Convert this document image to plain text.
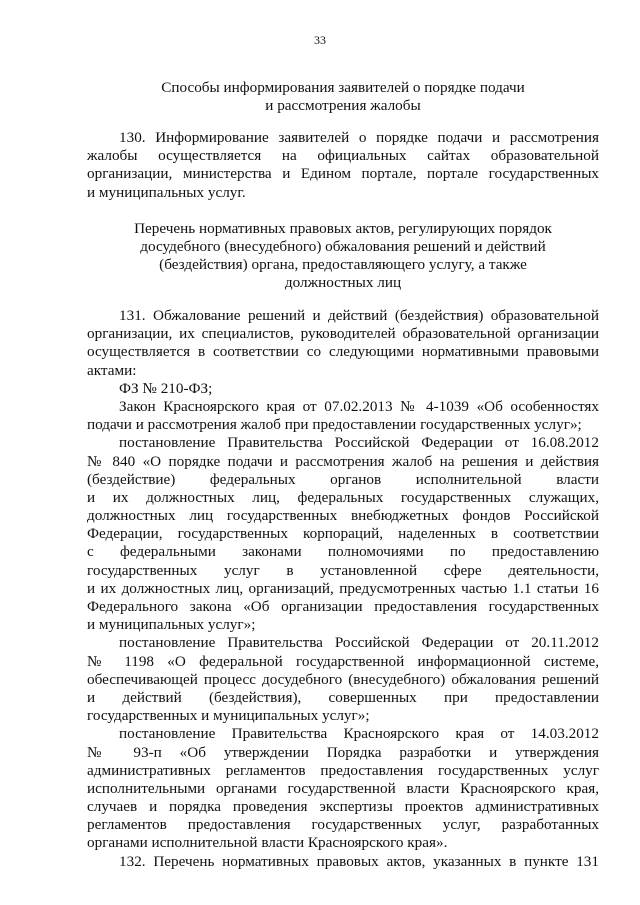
33
Способы информирования заявителей о порядке подачи
и рассмотрения жалобы
130. Информирование заявителей о порядке подачи и рассмотрения
жалобы осуществляется на официальных сайтах образовательной
организации, министерства и Едином портале, портале государственных
и муниципальных услуг.
Перечень нормативных правовых актов, регулирующих порядок
досудебного (внесудебного) обжалования решений и действий
(бездействия) органа, предоставляющего услугу, а также
должностных лиц
131. Обжалование решений и действий (бездействия) образовательной
организации, их специалистов, руководителей образовательной организации
осуществляется в соответствии со следующими нормативными правовыми
актами:
ФЗ № 210-ФЗ;
Закон Красноярского края от 07.02.2013 № 4-1039 «Об особенностях
подачи и рассмотрения жалоб при предоставлении государственных услуг»;
постановление Правительства Российской Федерации от 16.08.2012
№ 840 «О порядке подачи и рассмотрения жалоб на решения и действия
(бездействие) федеральных органов исполнительной власти
и их должностных лиц, федеральных государственных служащих,
должностных лиц государственных внебюджетных фондов Российской
Федерации, государственных корпораций, наделенных в соответствии
с федеральными законами полномочиями по предоставлению
государственных услуг в установленной сфере деятельности,
и их должностных лиц, организаций, предусмотренных частью 1.1 статьи 16
Федерального закона «Об организации предоставления государственных
и муниципальных услуг»;
постановление Правительства Российской Федерации от 20.11.2012
№ 1198 «О федеральной государственной информационной системе,
обеспечивающей процесс досудебного (внесудебного) обжалования решений
и действий (бездействия), совершенных при предоставлении
государственных и муниципальных услуг»;
постановление Правительства Красноярского края от 14.03.2012
№ 93-п «Об утверждении Порядка разработки и утверждения
административных регламентов предоставления государственных услуг
исполнительными органами государственной власти Красноярского края,
случаев и порядка проведения экспертизы проектов административных
регламентов предоставления государственных услуг, разработанных
органами исполнительной власти Красноярского края».
132. Перечень нормативных правовых актов, указанных в пункте 131
